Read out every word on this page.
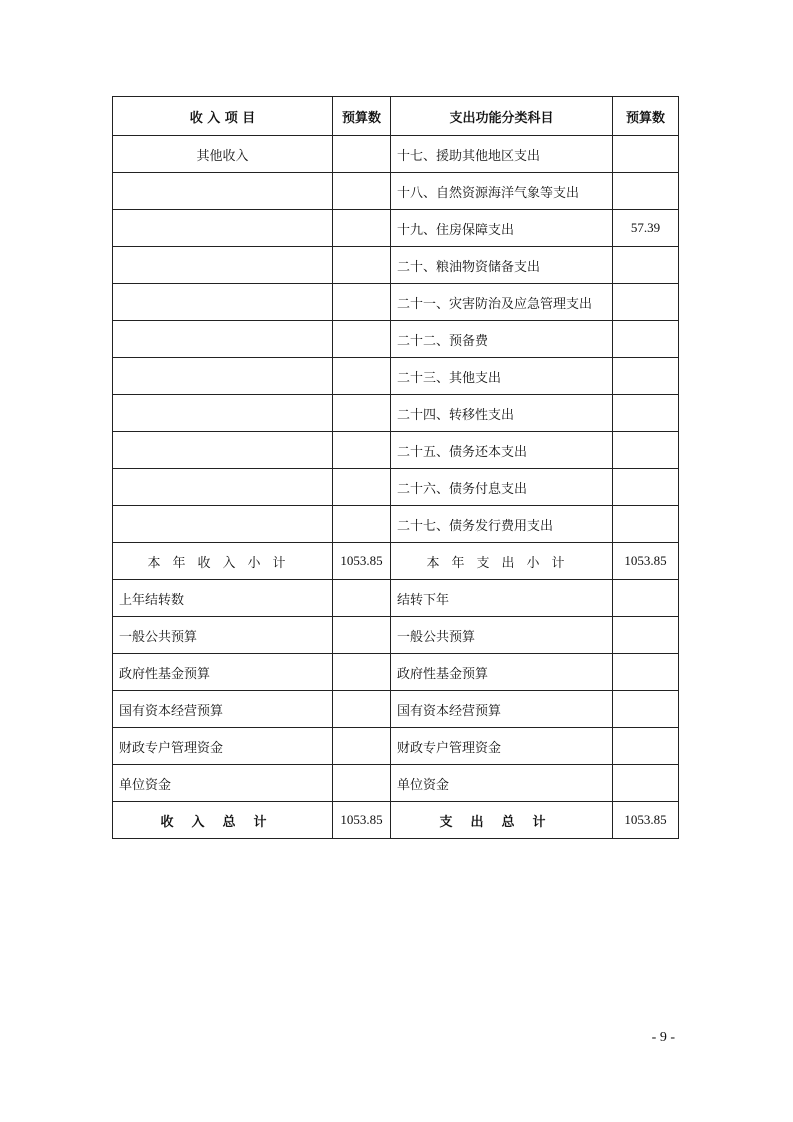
收 入 项 目	预算数	支出功能分类科目	预算数
其他收入		十七、援助其他地区支出	
		十八、自然资源海洋气象等支出	
		十九、住房保障支出	57.39
		二十、粮油物资储备支出	
		二十一、灾害防治及应急管理支出	
		二十二、预备费	
		二十三、其他支出	
		二十四、转移性支出	
		二十五、债务还本支出	
		二十六、债务付息支出	
		二十七、债务发行费用支出	
本年收入小计	1053.85	本年支出小计	1053.85
上年结转数		结转下年	
一般公共预算		一般公共预算	
政府性基金预算		政府性基金预算	
国有资本经营预算		国有资本经营预算	
财政专户管理资金		财政专户管理资金	
单位资金		单位资金	
收入总计	1053.85	支出总计	1053.85
- 9 -
